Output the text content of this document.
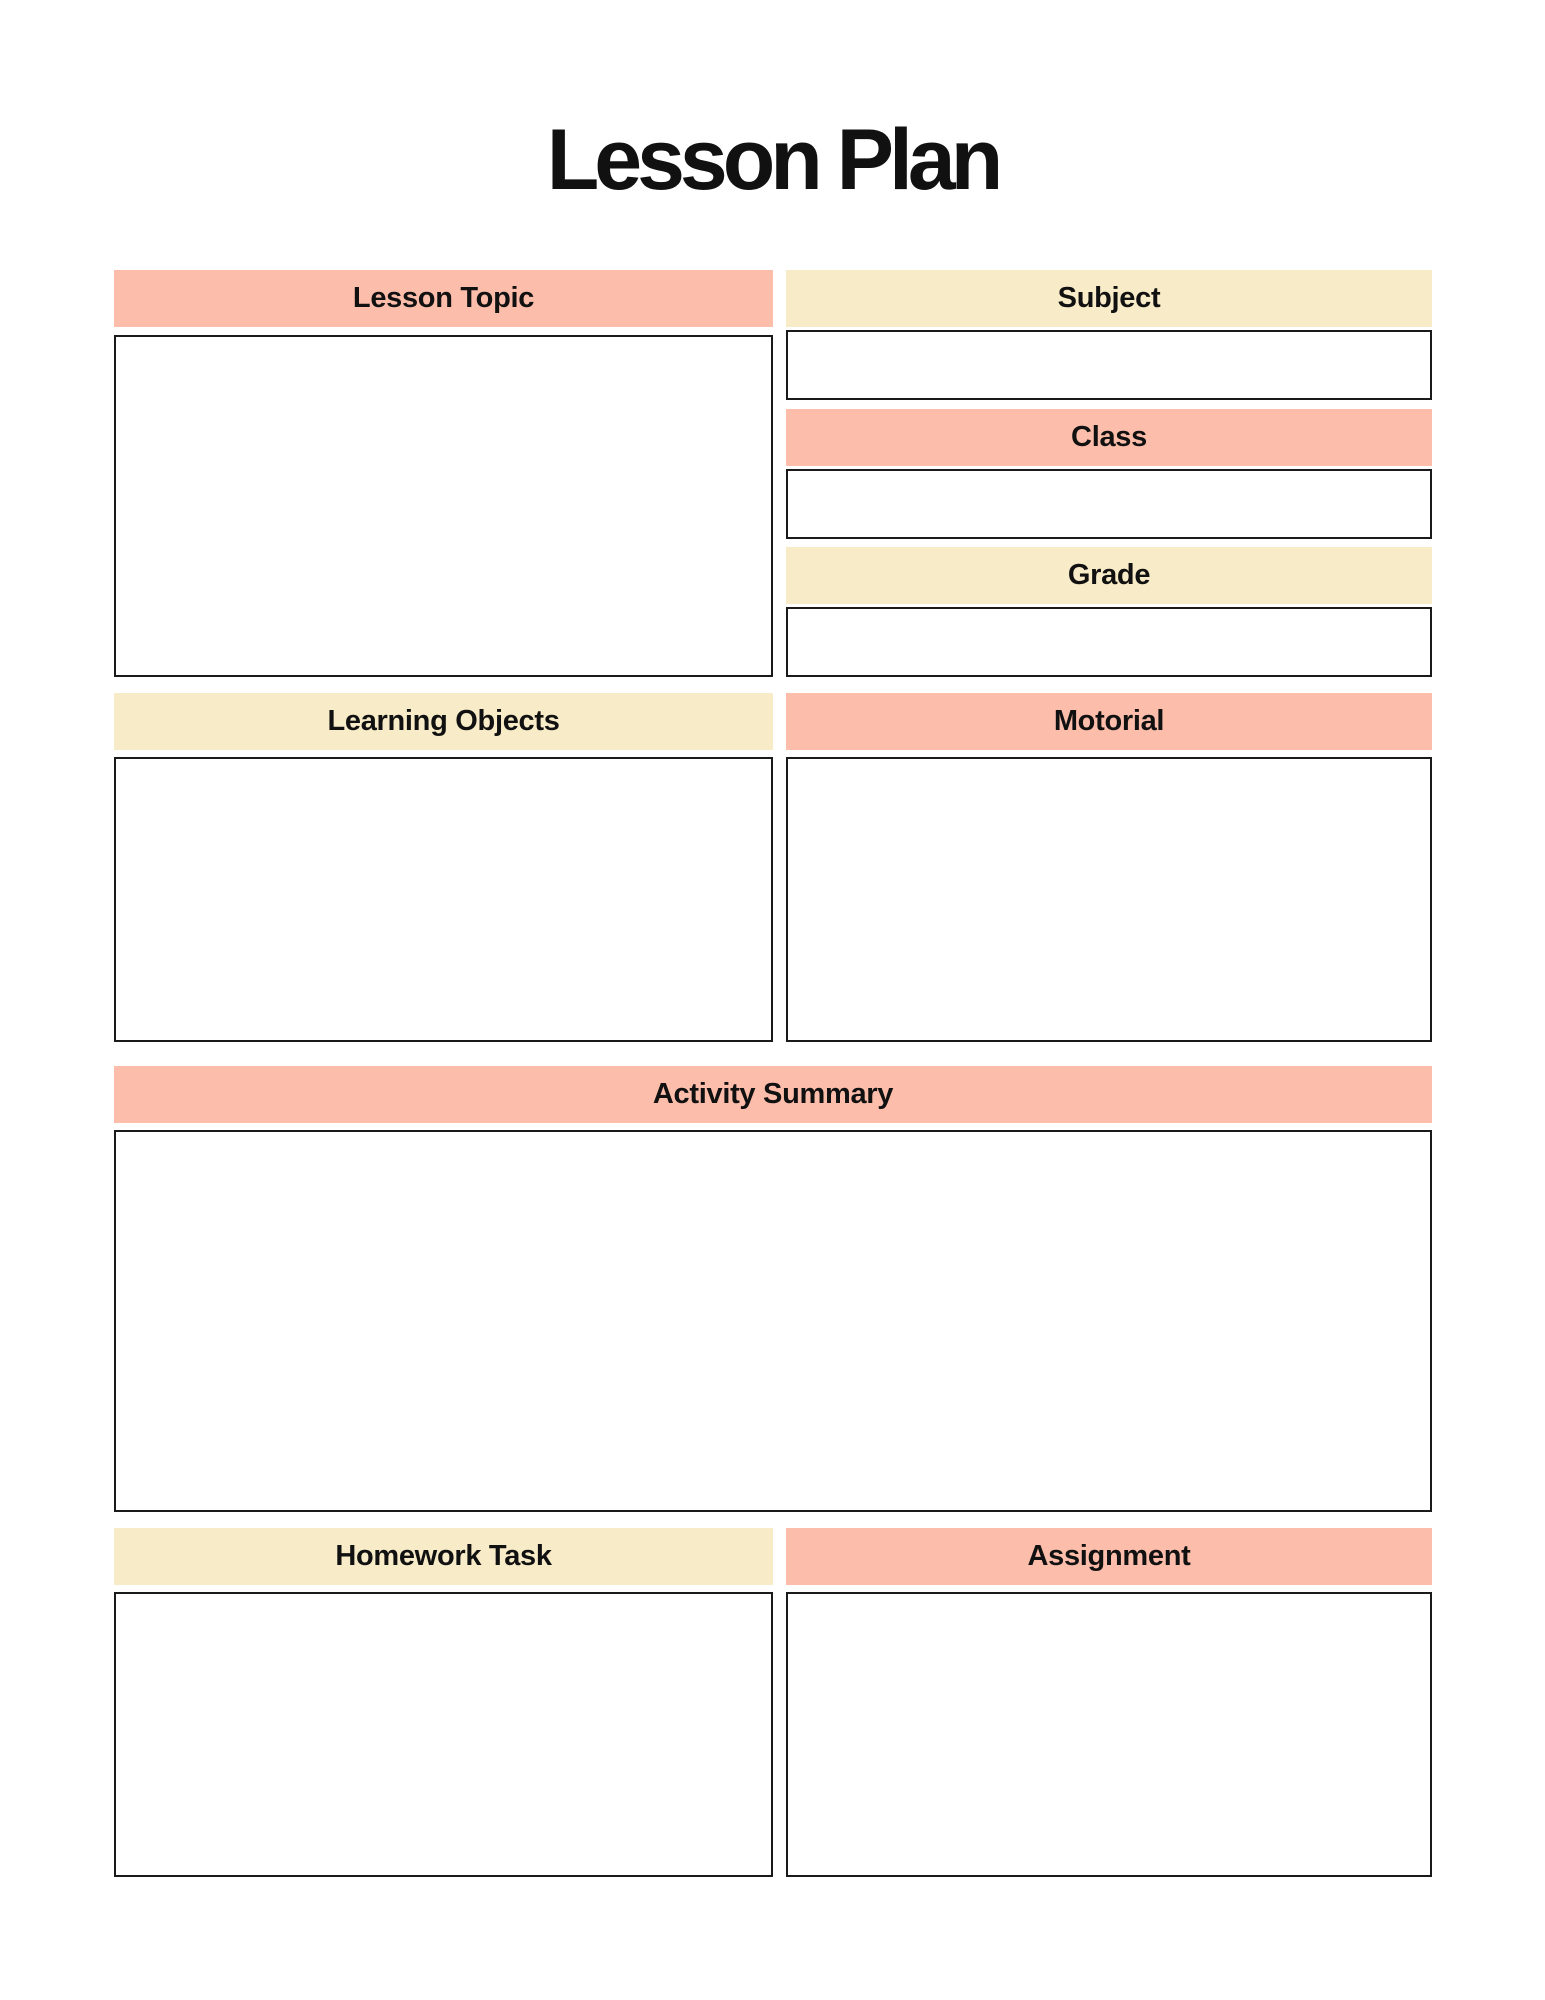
Lesson Plan
Lesson Topic	Subject
Class
Grade
Learning Objects	Motorial
Activity Summary
Homework Task	Assignment
